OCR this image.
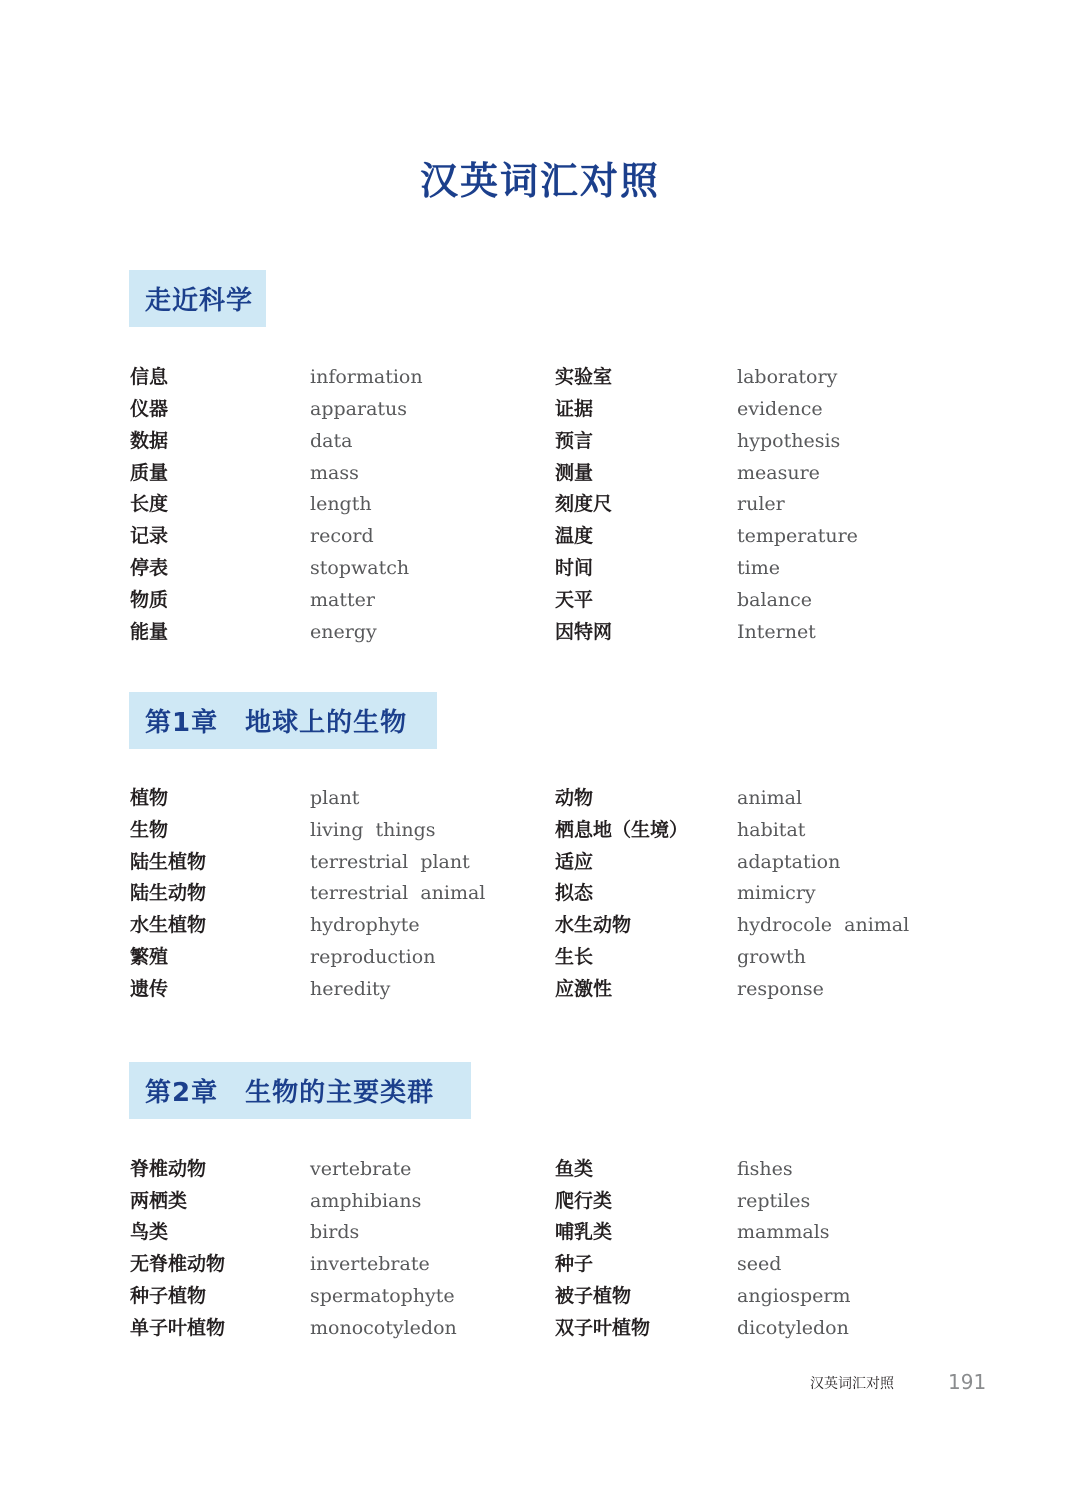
汉英词汇对照
走近科学
信息	information	实验室	laboratory
仪器	apparatus	证据	evidence
数据	data	预言	hypothesis
质量	mass	测量	measure
长度	length	刻度尺	ruler
记录	record	温度	temperature
停表	stopwatch	时间	time
物质	matter	天平	balance
能量	energy	因特网	Internet
第1章　地球上的生物
植物	plant	动物	animal
生物	living  things	栖息地（生境）	habitat
陆生植物	terrestrial  plant	适应	adaptation
陆生动物	terrestrial  animal	拟态	mimicry
水生植物	hydrophyte	水生动物	hydrocole  animal
繁殖	reproduction	生长	growth
遗传	heredity	应激性	response
第2章　生物的主要类群
脊椎动物	vertebrate	鱼类	fishes
两栖类	amphibians	爬行类	reptiles
鸟类	birds	哺乳类	mammals
无脊椎动物	invertebrate	种子	seed
种子植物	spermatophyte	被子植物	angiosperm
单子叶植物	monocotyledon	双子叶植物	dicotyledon
汉英词汇对照	191
